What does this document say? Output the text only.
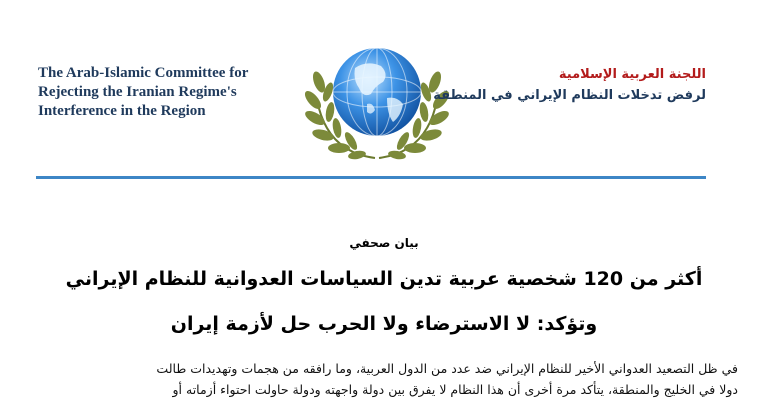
The Arab-Islamic Committee for
Rejecting the Iranian Regime's
Interference in the Region
اللجنة العربية الإسلامية
لرفض تدخلات النظام الإيراني في المنطقة

بيان صحفي

أكثر من 120 شخصية عربية تدين السياسات العدوانية للنظام الإيراني
وتؤكد: لا الاسترضاء ولا الحرب حل لأزمة إيران
في ظل التصعيد العدواني الأخير للنظام الإيراني ضد عدد من الدول العربية، وما رافقه من هجمات وتهديدات طالت
دولا في الخليج والمنطقة، يتأكد مرة أخرى أن هذا النظام لا يفرق بين دولة واجهته ودولة حاولت احتواء أزماته أو
